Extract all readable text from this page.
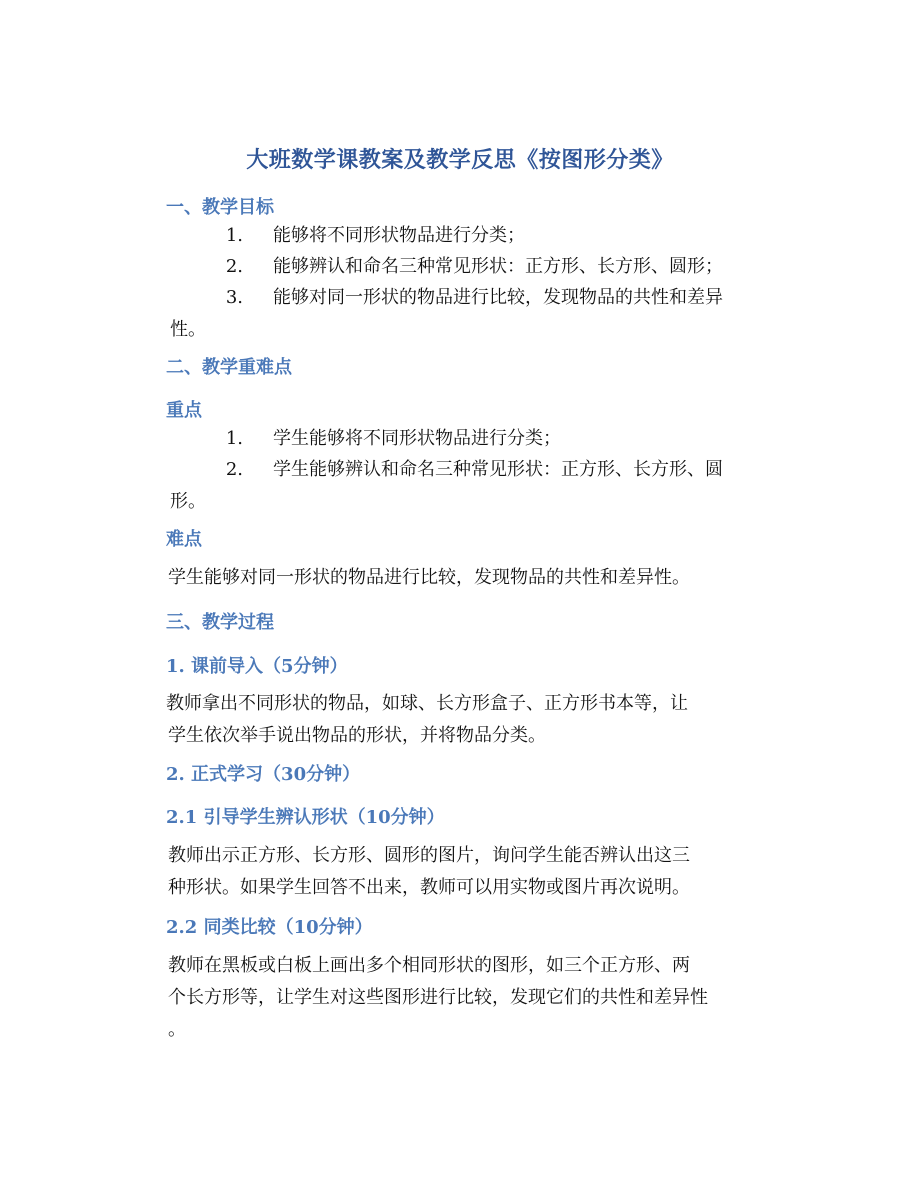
大班数学课教案及教学反思《按图形分类》
一、教学目标
1. 能够将不同形状物品进行分类；
2. 能够辨认和命名三种常见形状：正方形、长方形、圆形；
3. 能够对同一形状的物品进行比较，发现物品的共性和差异
性。
二、教学重难点
重点
1. 学生能够将不同形状物品进行分类；
2. 学生能够辨认和命名三种常见形状：正方形、长方形、圆
形。
难点
学生能够对同一形状的物品进行比较，发现物品的共性和差异性。
三、教学过程
1. 课前导入（5分钟）
教师拿出不同形状的物品，如球、长方形盒子、正方形书本等，让
学生依次举手说出物品的形状，并将物品分类。
2. 正式学习（30分钟）
2.1 引导学生辨认形状（10分钟）
教师出示正方形、长方形、圆形的图片，询问学生能否辨认出这三
种形状。如果学生回答不出来，教师可以用实物或图片再次说明。
2.2 同类比较（10分钟）
教师在黑板或白板上画出多个相同形状的图形，如三个正方形、两
个长方形等，让学生对这些图形进行比较，发现它们的共性和差异性
。
